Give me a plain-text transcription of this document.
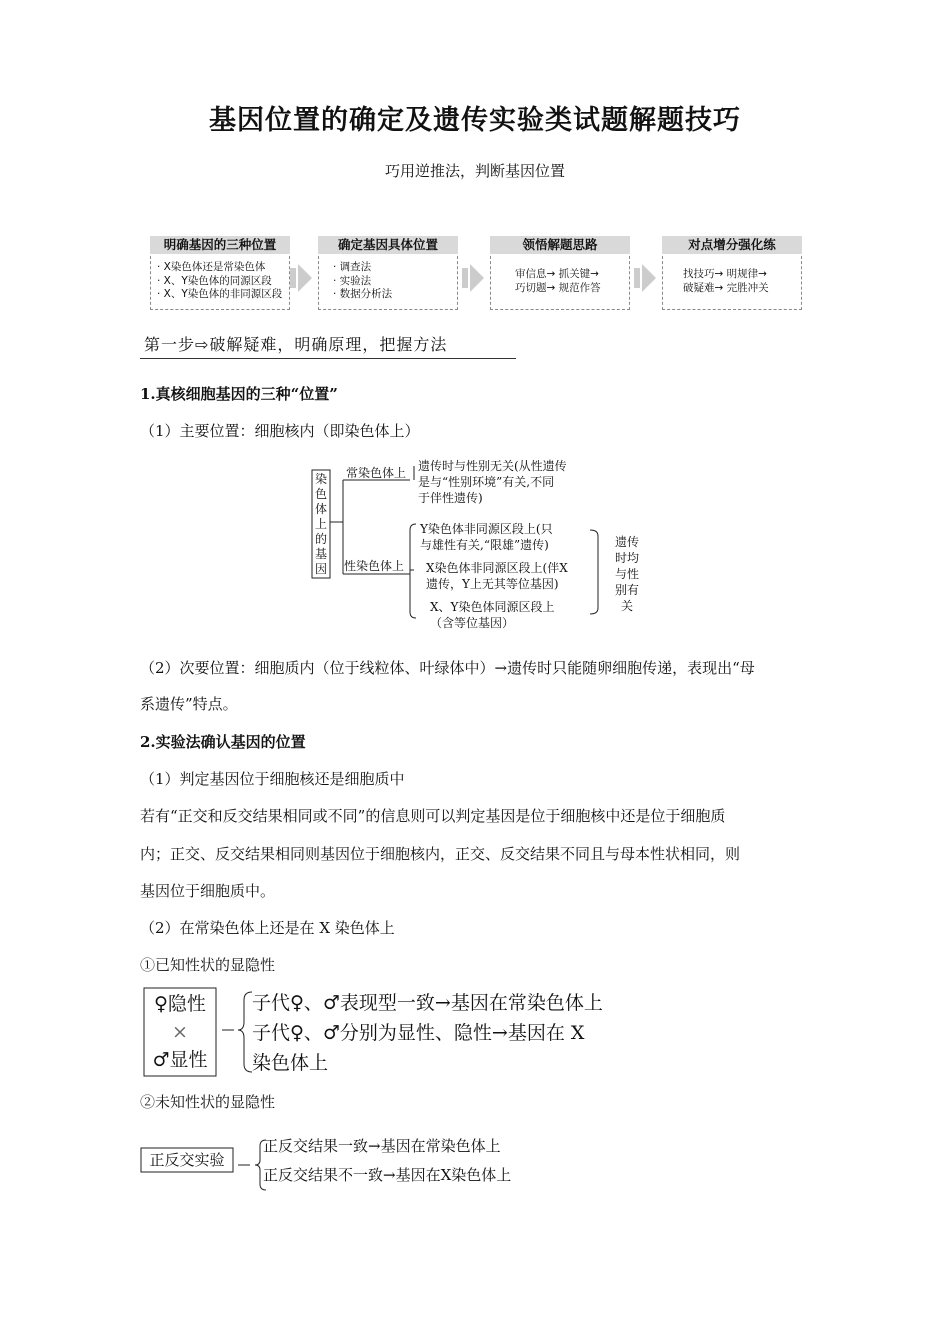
基因位置的确定及遗传实验类试题解题技巧
巧用逆推法，判断基因位置
明确基因的三种位置
· X染色体还是常染色体
· X、Y染色体的同源区段
· X、Y染色体的非同源区段
确定基因具体位置
· 调查法
· 实验法
· 数据分析法
领悟解题思路
审信息→ 抓关键→
巧切题→ 规范作答
对点增分强化练
找技巧→ 明规律→
破疑难→ 完胜冲关
第一步⇨破解疑难，明确原理，把握方法
1.真核细胞基因的三种“位置”
（1）主要位置：细胞核内（即染色体上）
染
色
体
上
的
基
因
常染色体上 遗传时与性别无关(从性遗传
是与“性别环境”有关,不同
于伴性遗传)
性染色体上
Y染色体非同源区段上(只
与雄性有关,“限雄”遗传)
X染色体非同源区段上(伴X
遗传，Y上无其等位基因)
X、Y染色体同源区段上
（含等位基因）
遗传
时均
与性
别有
关
（2）次要位置：细胞质内（位于线粒体、叶绿体中）→遗传时只能随卵细胞传递，表现出“母
系遗传”特点。
2.实验法确认基因的位置
（1）判定基因位于细胞核还是细胞质中
若有“正交和反交结果相同或不同”的信息则可以判定基因是位于细胞核中还是位于细胞质
内；正交、反交结果相同则基因位于细胞核内，正交、反交结果不同且与母本性状相同，则
基因位于细胞质中。
（2）在常染色体上还是在 X 染色体上
①已知性状的显隐性
♀隐性
×
♂显性
子代♀、♂表现型一致→基因在常染色体上
子代♀、♂分别为显性、隐性→基因在 X
染色体上
②未知性状的显隐性
正反交实验
正反交结果一致→基因在常染色体上
正反交结果不一致→基因在X染色体上
